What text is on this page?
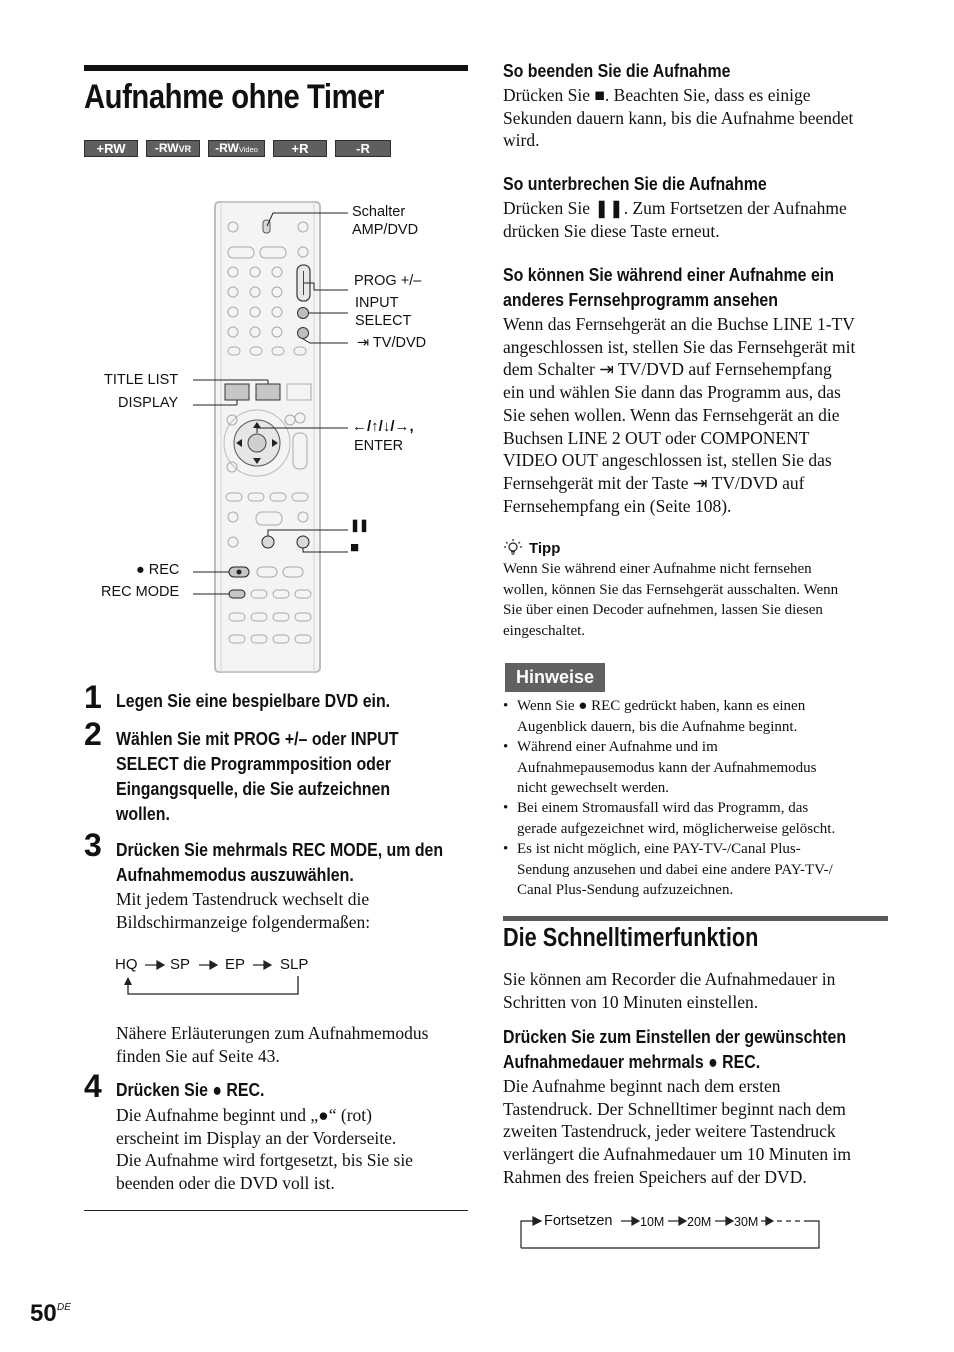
Aufnahme ohne Timer
+RW	-RWVR	-RWVideo	+R	-R
Schalter
AMP/DVD
PROG +/–
INPUT
SELECT
⇥ TV/DVD
TITLE LIST
DISPLAY
←/↑/↓/→,
ENTER
❚❚
■
● REC
REC MODE
1 Legen Sie eine bespielbare DVD ein.
2 Wählen Sie mit PROG +/– oder INPUT
SELECT die Programmposition oder
Eingangsquelle, die Sie aufzeichnen
wollen.
3 Drücken Sie mehrmals REC MODE, um den
Aufnahmemodus auszuwählen.
Mit jedem Tastendruck wechselt die
Bildschirmanzeige folgendermaßen:
HQ SP EP SLP
Nähere Erläuterungen zum Aufnahmemodus
finden Sie auf Seite 43.
4 Drücken Sie ● REC.
Die Aufnahme beginnt und „●“ (rot)
erscheint im Display an der Vorderseite.
Die Aufnahme wird fortgesetzt, bis Sie sie
beenden oder die DVD voll ist.
So beenden Sie die Aufnahme
Drücken Sie ■. Beachten Sie, dass es einige
Sekunden dauern kann, bis die Aufnahme beendet
wird.
So unterbrechen Sie die Aufnahme
Drücken Sie ❚❚. Zum Fortsetzen der Aufnahme
drücken Sie diese Taste erneut.
So können Sie während einer Aufnahme ein
anderes Fernsehprogramm ansehen
Wenn das Fernsehgerät an die Buchse LINE 1-TV
angeschlossen ist, stellen Sie das Fernsehgerät mit
dem Schalter ⇥ TV/DVD auf Fernsehempfang
ein und wählen Sie dann das Programm aus, das
Sie sehen wollen. Wenn das Fernsehgerät an die
Buchsen LINE 2 OUT oder COMPONENT
VIDEO OUT angeschlossen ist, stellen Sie das
Fernsehgerät mit der Taste ⇥ TV/DVD auf
Fernsehempfang ein (Seite 108).
Tipp
Wenn Sie während einer Aufnahme nicht fernsehen
wollen, können Sie das Fernsehgerät ausschalten. Wenn
Sie über einen Decoder aufnehmen, lassen Sie diesen
eingeschaltet.
Hinweise
• Wenn Sie ● REC gedrückt haben, kann es einen
Augenblick dauern, bis die Aufnahme beginnt.
• Während einer Aufnahme und im
Aufnahmepausemodus kann der Aufnahmemodus
nicht gewechselt werden.
• Bei einem Stromausfall wird das Programm, das
gerade aufgezeichnet wird, möglicherweise gelöscht.
• Es ist nicht möglich, eine PAY-TV-/Canal Plus-
Sendung anzusehen und dabei eine andere PAY-TV-/
Canal Plus-Sendung aufzuzeichnen.
Die Schnelltimerfunktion
Sie können am Recorder die Aufnahmedauer in
Schritten von 10 Minuten einstellen.
Drücken Sie zum Einstellen der gewünschten
Aufnahmedauer mehrmals ● REC.
Die Aufnahme beginnt nach dem ersten
Tastendruck. Der Schnelltimer beginnt nach dem
zweiten Tastendruck, jeder weitere Tastendruck
verlängert die Aufnahmedauer um 10 Minuten im
Rahmen des freien Speichers auf der DVD.
Fortsetzen 10M 20M 30M
50 DE
